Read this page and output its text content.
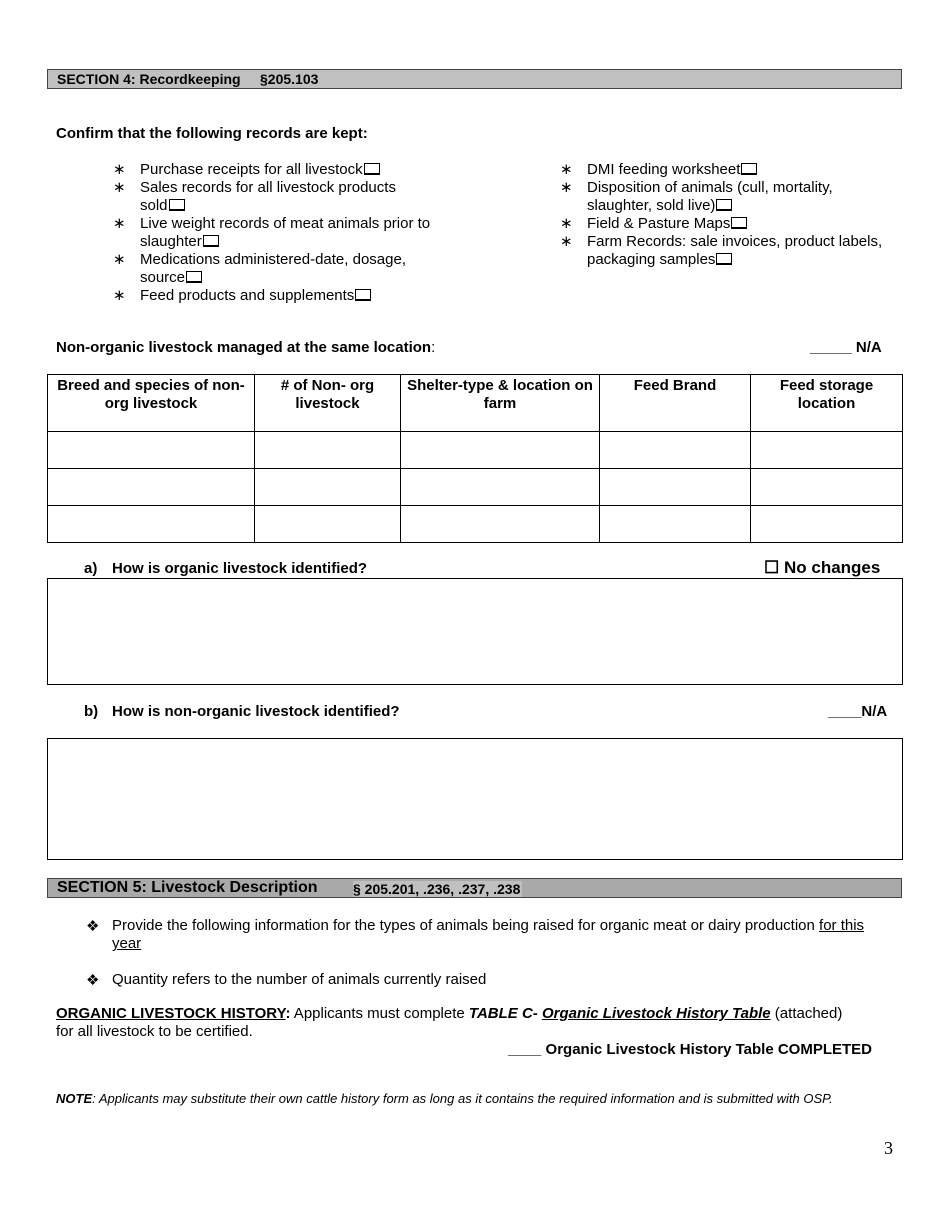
SECTION 4: Recordkeeping §205.103
Confirm that the following records are kept:
∗ Purchase receipts for all livestock
∗ Sales records for all livestock products
sold
∗ Live weight records of meat animals prior to
slaughter
∗ Medications administered-date, dosage,
source
∗ Feed products and supplements
∗ DMI feeding worksheet
∗ Disposition of animals (cull, mortality,
slaughter, sold live)
∗ Field & Pasture Maps
∗ Farm Records: sale invoices, product labels,
packaging samples
Non-organic livestock managed at the same location:	_____ N/A
Breed and species of non-org livestock	# of Non- org livestock	Shelter-type & location on farm	Feed Brand	Feed storage location

a) How is organic livestock identified?	☐ No changes
b) How is non-organic livestock identified?	____N/A
SECTION 5: Livestock Description	§ 205.201, .236, .237, .238
❖ Provide the following information for the types of animals being raised for organic meat or dairy production for this
year
❖ Quantity refers to the number of animals currently raised
ORGANIC LIVESTOCK HISTORY: Applicants must complete TABLE C- Organic Livestock History Table (attached)
for all livestock to be certified.
____ Organic Livestock History Table COMPLETED
NOTE: Applicants may substitute their own cattle history form as long as it contains the required information and is submitted with OSP.
3
